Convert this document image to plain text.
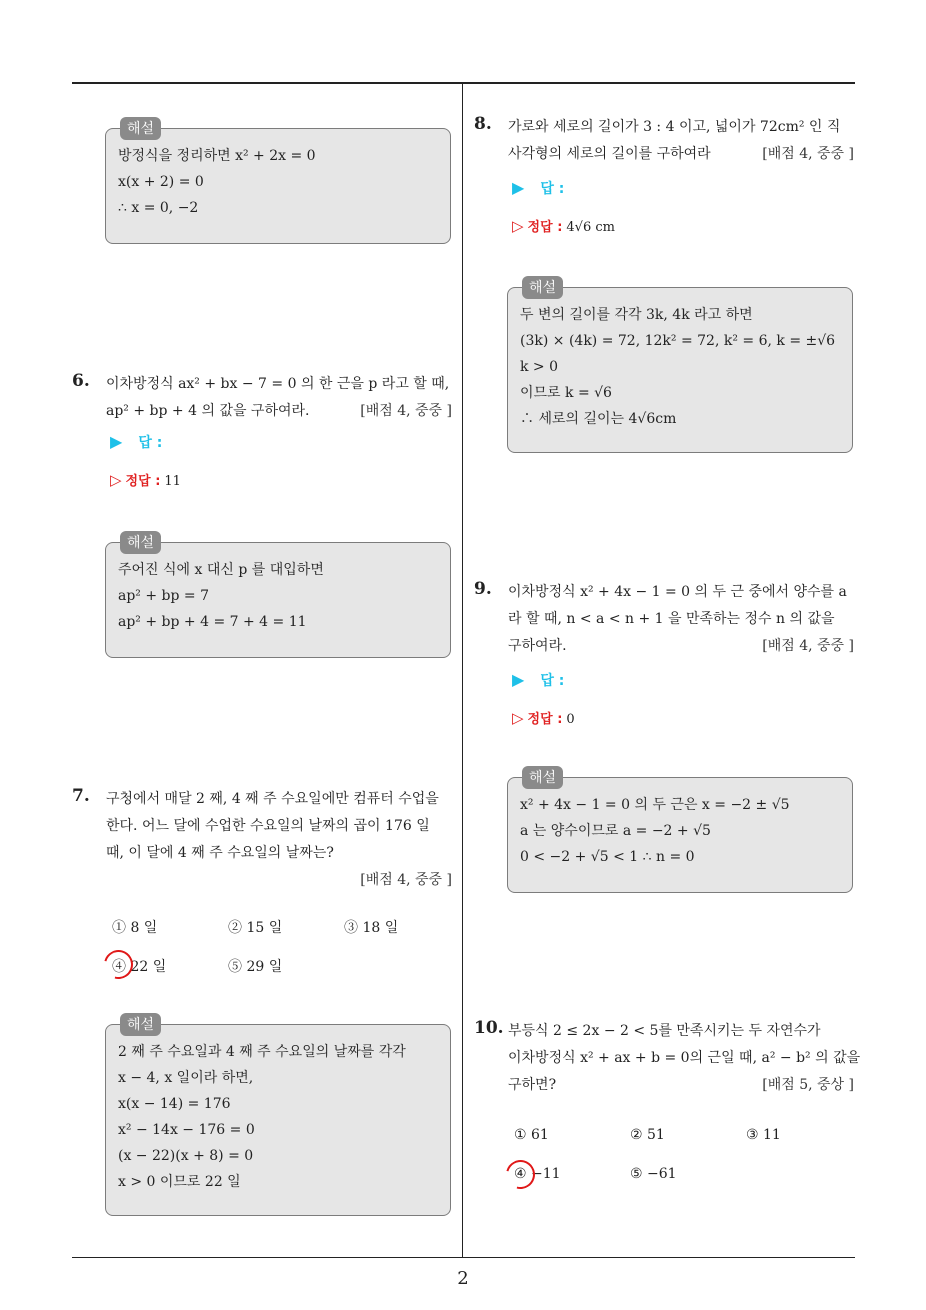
해설
방정식을 정리하면 x² + 2x = 0
x(x + 2) = 0
∴ x = 0, −2
6. 이차방정식 ax² + bx − 7 = 0 의 한 근을 p 라고 할 때,
ap² + bp + 4 의 값을 구하여라.	[배점 4, 중중 ]
▶ 답 :
▷ 정답 : 11
해설
주어진 식에 x 대신 p 를 대입하면
ap² + bp = 7
ap² + bp + 4 = 7 + 4 = 11
7. 구청에서 매달 2 째, 4 째 주 수요일에만 컴퓨터 수업을
한다. 어느 달에 수업한 수요일의 날짜의 곱이 176 일
때, 이 달에 4 째 주 수요일의 날짜는?
[배점 4, 중중 ]
① 8 일	② 15 일	③ 18 일
④ 22 일	⑤ 29 일
해설
2 째 주 수요일과 4 째 주 수요일의 날짜를 각각
x − 4, x 일이라 하면,
x(x − 14) = 176
x² − 14x − 176 = 0
(x − 22)(x + 8) = 0
x > 0 이므로 22 일
8. 가로와 세로의 길이가 3 : 4 이고, 넓이가 72cm² 인 직
사각형의 세로의 길이를 구하여라	[배점 4, 중중 ]
▶ 답 :
▷ 정답 : 4√6 cm
해설
두 변의 길이를 각각 3k, 4k 라고 하면
(3k) × (4k) = 72, 12k² = 72, k² = 6, k = ±√6
k > 0
이므로 k = √6
∴ 세로의 길이는 4√6cm
9. 이차방정식 x² + 4x − 1 = 0 의 두 근 중에서 양수를 a
라 할 때, n < a < n + 1 을 만족하는 정수 n 의 값을
구하여라.	[배점 4, 중중 ]
▶ 답 :
▷ 정답 : 0
해설
x² + 4x − 1 = 0 의 두 근은 x = −2 ± √5
a 는 양수이므로 a = −2 + √5
0 < −2 + √5 < 1 ∴ n = 0
10. 부등식 2 ≤ 2x − 2 < 5를 만족시키는 두 자연수가
이차방정식 x² + ax + b = 0의 근일 때, a² − b² 의 값을
구하면?	[배점 5, 중상 ]
① 61	② 51	③ 11
④ −11	⑤ −61
2
